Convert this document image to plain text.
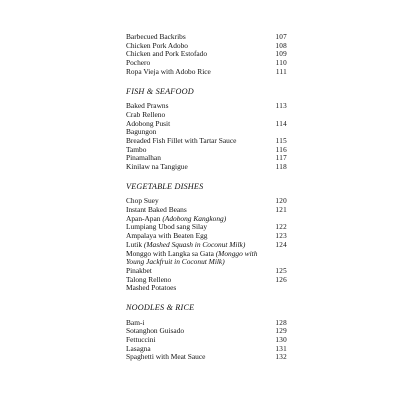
Barbecued Backribs	107
Chicken Pork Adobo	108
Chicken and Pork Estofado	109
Pochero	110
Ropa Vieja with Adobo Rice	111
FISH & SEAFOOD
Baked Prawns	113
Crab Relleno
Adobong Pusit	114
Bagungon
Breaded Fish Fillet with Tartar Sauce	115
Tambo	116
Pinamalhan	117
Kinilaw na Tangigue	118
VEGETABLE DISHES
Chop Suey	120
Instant Baked Beans	121
Apan-Apan (Adobong Kangkong)
Lumpiang Ubod sang Silay	122
Ampalaya with Beaten Egg	123
Lutik (Mashed Squash in Coconut Milk)	124
Monggo with Langka sa Gata (Monggo with Young Jackfruit in Coconut Milk)
Pinakbet	125
Talong Relleno	126
Mashed Potatoes
NOODLES & RICE
Bam-i	128
Sotanghon Guisado	129
Fettuccini	130
Lasagna	131
Spaghetti with Meat Sauce	132
